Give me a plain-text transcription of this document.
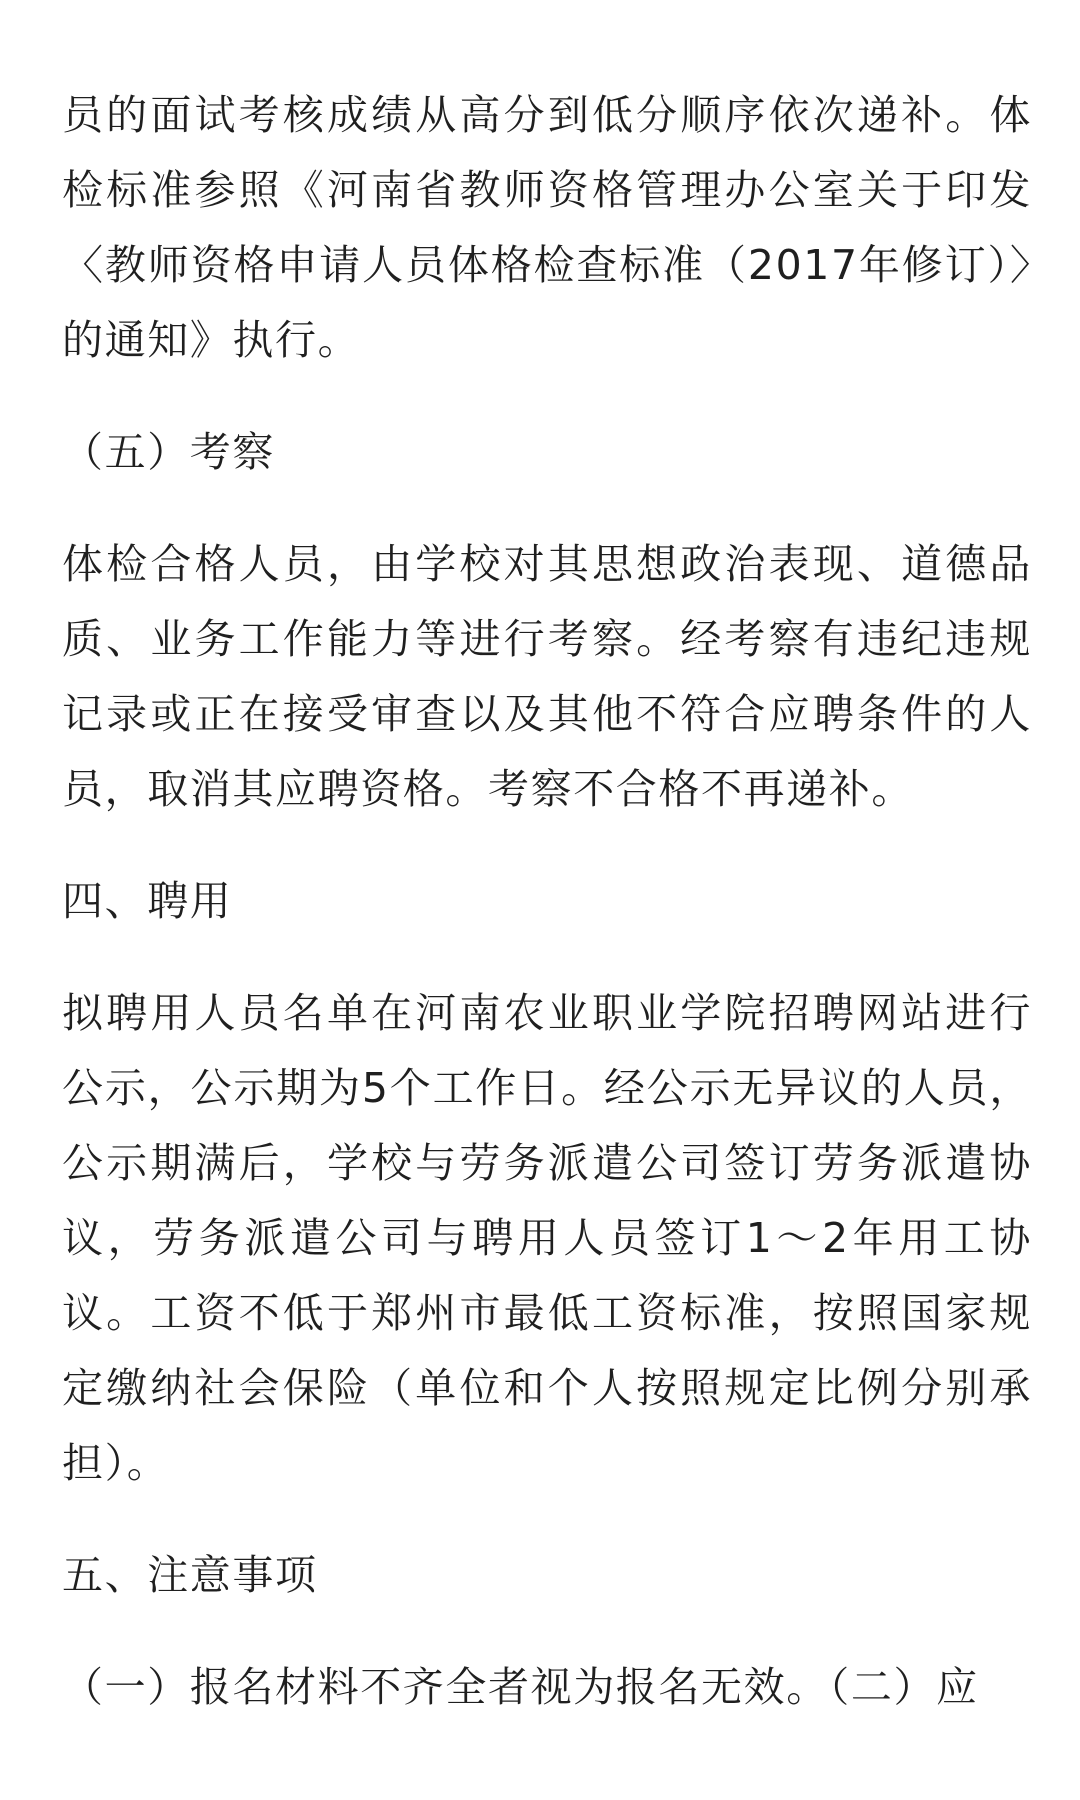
员的面试考核成绩从高分到低分顺序依次递补。体检标准参照《河南省教师资格管理办公室关于印发〈教师资格申请人员体格检查标准（2017年修订）〉的通知》执行。

（五）考察

体检合格人员，由学校对其思想政治表现、道德品质、业务工作能力等进行考察。经考察有违纪违规记录或正在接受审查以及其他不符合应聘条件的人员，取消其应聘资格。考察不合格不再递补。

四、聘用

拟聘用人员名单在河南农业职业学院招聘网站进行公示，公示期为5个工作日。经公示无异议的人员，公示期满后，学校与劳务派遣公司签订劳务派遣协议，劳务派遣公司与聘用人员签订1～2年用工协议。工资不低于郑州市最低工资标准，按照国家规定缴纳社会保险（单位和个人按照规定比例分别承担）。

五、注意事项

（一）报名材料不齐全者视为报名无效。（二）应
